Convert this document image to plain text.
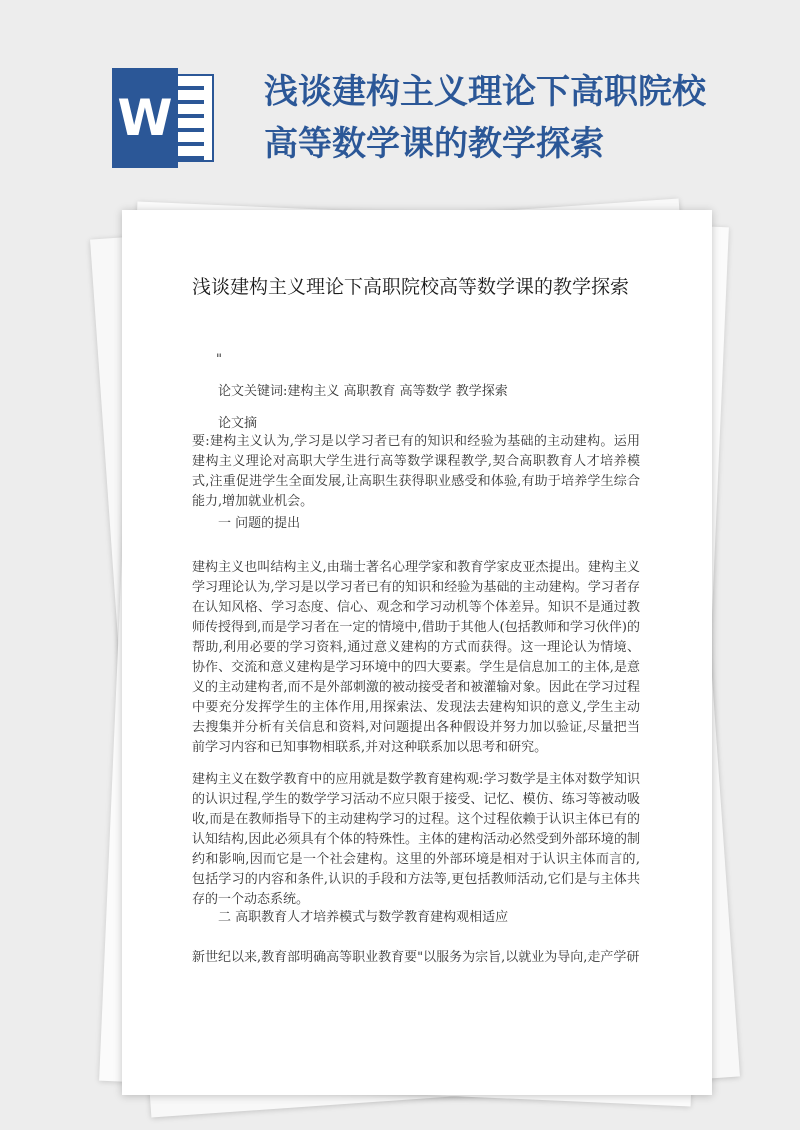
W	浅谈建构主义理论下高职院校
高等数学课的教学探索
浅谈建构主义理论下高职院校高等数学课的教学探索
"
论文关键词:建构主义 高职教育 高等数学 教学探索
论文摘
要:建构主义认为,学习是以学习者已有的知识和经验为基础的主动建构。运用建构主义理论对高职大学生进行高等数学课程教学,契合高职教育人才培养模式,注重促进学生全面发展,让高职生获得职业感受和体验,有助于培养学生综合能力,增加就业机会。
一 问题的提出
建构主义也叫结构主义,由瑞士著名心理学家和教育学家皮亚杰提出。建构主义学习理论认为,学习是以学习者已有的知识和经验为基础的主动建构。学习者存在认知风格、学习态度、信心、观念和学习动机等个体差异。知识不是通过教师传授得到,而是学习者在一定的情境中,借助于其他人(包括教师和学习伙伴)的帮助,利用必要的学习资料,通过意义建构的方式而获得。这一理论认为情境、协作、交流和意义建构是学习环境中的四大要素。学生是信息加工的主体,是意义的主动建构者,而不是外部刺激的被动接受者和被灌输对象。因此在学习过程中要充分发挥学生的主体作用,用探索法、发现法去建构知识的意义,学生主动去搜集并分析有关信息和资料,对问题提出各种假设并努力加以验证,尽量把当前学习内容和已知事物相联系,并对这种联系加以思考和研究。
建构主义在数学教育中的应用就是数学教育建构观:学习数学是主体对数学知识的认识过程,学生的数学学习活动不应只限于接受、记忆、模仿、练习等被动吸收,而是在教师指导下的主动建构学习的过程。这个过程依赖于认识主体已有的认知结构,因此必须具有个体的特殊性。主体的建构活动必然受到外部环境的制约和影响,因而它是一个社会建构。这里的外部环境是相对于认识主体而言的,包括学习的内容和条件,认识的手段和方法等,更包括教师活动,它们是与主体共存的一个动态系统。
二 高职教育人才培养模式与数学教育建构观相适应
新世纪以来,教育部明确高等职业教育要"以服务为宗旨,以就业为导向,走产学研
